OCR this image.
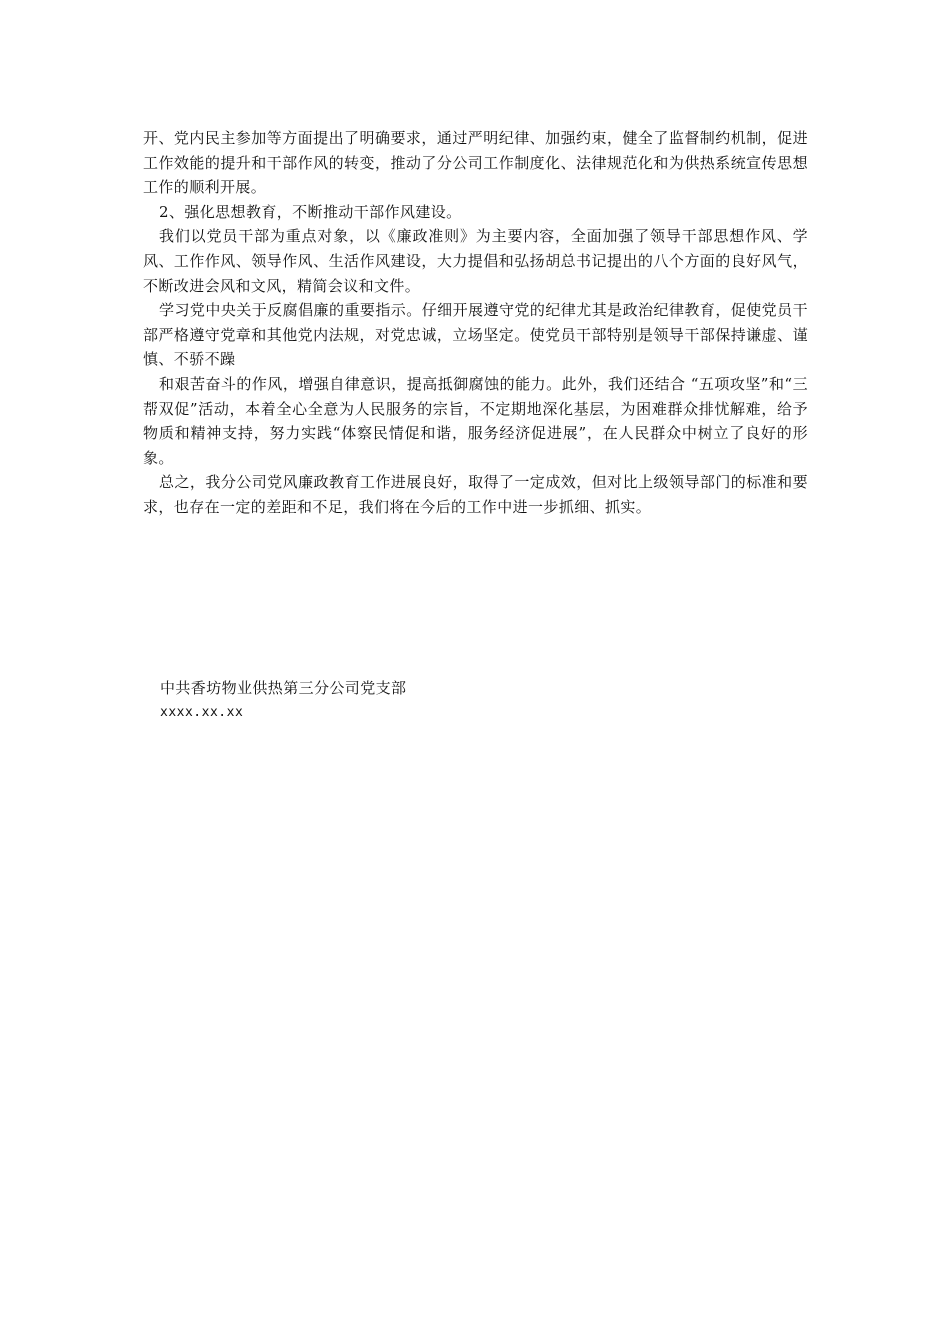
开、党内民主参加等方面提出了明确要求，通过严明纪律、加强约束，健全了监督制约机制，促进工作效能的提升和干部作风的转变，推动了分公司工作制度化、法律规范化和为供热系统宣传思想工作的顺利开展。

2、强化思想教育，不断推动干部作风建设。

我们以党员干部为重点对象，以《廉政准则》为主要内容，全面加强了领导干部思想作风、学风、工作作风、领导作风、生活作风建设，大力提倡和弘扬胡总书记提出的八个方面的良好风气，不断改进会风和文风，精简会议和文件。

学习党中央关于反腐倡廉的重要指示。仔细开展遵守党的纪律尤其是政治纪律教育，促使党员干部严格遵守党章和其他党内法规，对党忠诚，立场坚定。使党员干部特别是领导干部保持谦虚、谨慎、不骄不躁

和艰苦奋斗的作风，增强自律意识，提高抵御腐蚀的能力。此外，我们还结合 “五项攻坚”和“三帮双促”活动，本着全心全意为人民服务的宗旨，不定期地深化基层，为困难群众排忧解难，给予物质和精神支持，努力实践“体察民情促和谐，服务经济促进展”，在人民群众中树立了良好的形象。

总之，我分公司党风廉政教育工作进展良好，取得了一定成效，但对比上级领导部门的标准和要求，也存在一定的差距和不足，我们将在今后的工作中进一步抓细、抓实。

中共香坊物业供热第三分公司党支部
xxxx.xx.xx
